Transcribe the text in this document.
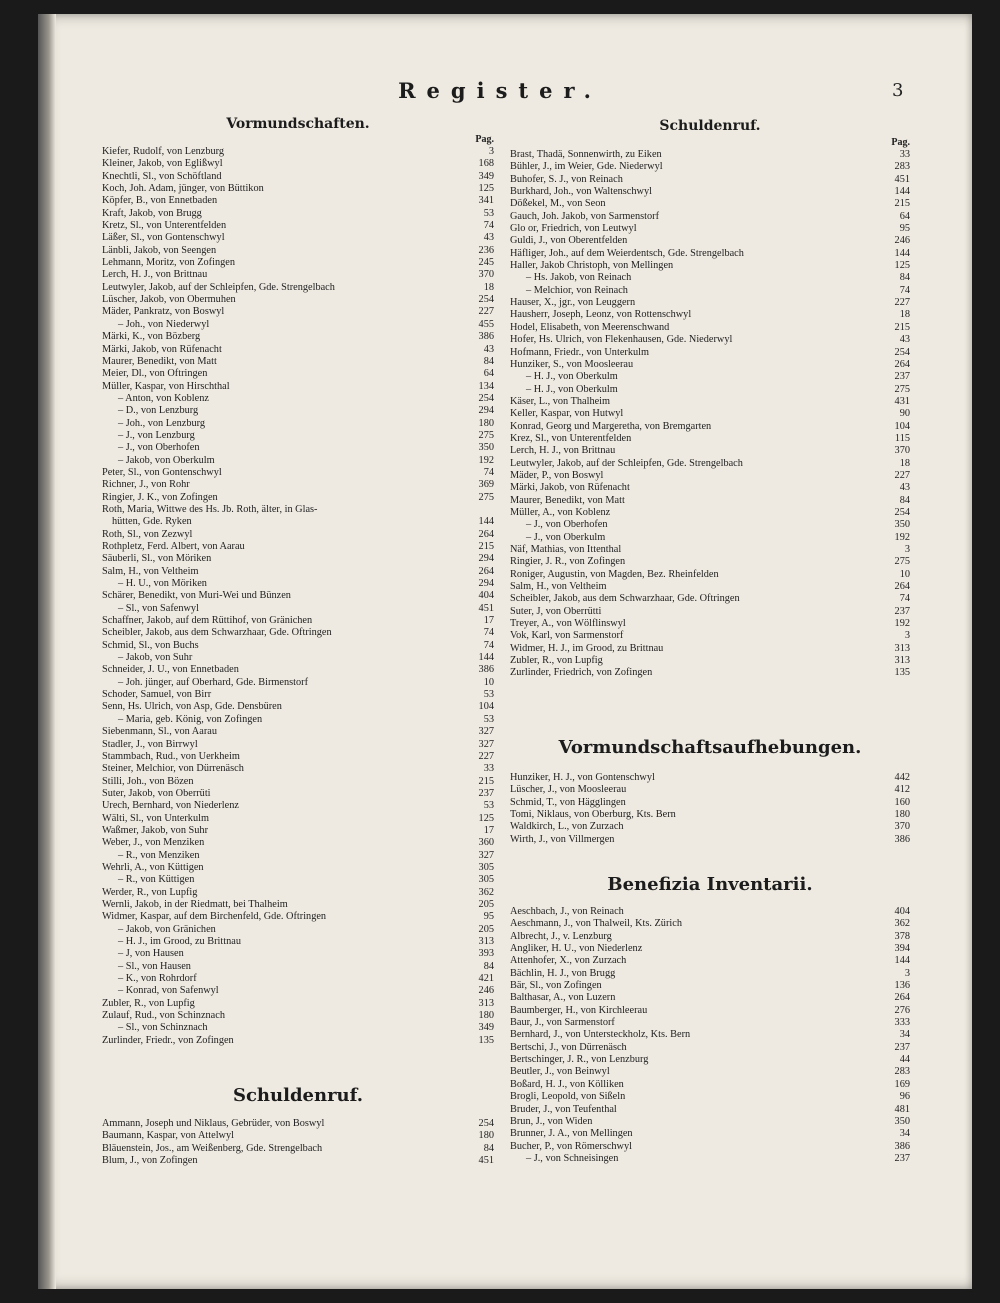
Register.	3
Vormundschaften.
Pag.
Kiefer, Rudolf, von Lenzburg	3
Kleiner, Jakob, von Eglißwyl	168
Knechtli, Sl., von Schöftland	349
Koch, Joh. Adam, jünger, von Büttikon	125
Köpfer, B., von Ennetbaden	341
Kraft, Jakob, von Brugg	53
Kretz, Sl., von Unterentfelden	74
Läßer, Sl., von Gontenschwyl	43
Länbli, Jakob, von Seengen	236
Lehmann, Moritz, von Zofingen	245
Lerch, H. J., von Brittnau	370
Leutwyler, Jakob, auf der Schleipfen, Gde. Strengelbach	18
Lüscher, Jakob, von Obermuhen	254
Mäder, Pankratz, von Boswyl	227
– Joh., von Niederwyl	455
Märki, K., von Bözberg	386
Märki, Jakob, von Rüfenacht	43
Maurer, Benedikt, von Matt	84
Meier, Dl., von Oftringen	64
Müller, Kaspar, von Hirschthal	134
– Anton, von Koblenz	254
– D., von Lenzburg	294
– Joh., von Lenzburg	180
– J., von Lenzburg	275
– J., von Oberhofen	350
– Jakob, von Oberkulm	192
Peter, Sl., von Gontenschwyl	74
Richner, J., von Rohr	369
Ringier, J. K., von Zofingen	275
Roth, Maria, Wittwe des Hs. Jb. Roth, älter, in Glas-
hütten, Gde. Ryken	144
Roth, Sl., von Zezwyl	264
Rothpletz, Ferd. Albert, von Aarau	215
Säuberli, Sl., von Möriken	294
Salm, H., von Veltheim	264
– H. U., von Möriken	294
Schärer, Benedikt, von Muri-Wei und Bünzen	404
– Sl., von Safenwyl	451
Schaffner, Jakob, auf dem Rüttihof, von Gränichen	17
Scheibler, Jakob, aus dem Schwarzhaar, Gde. Oftringen	74
Schmid, Sl., von Buchs	74
– Jakob, von Suhr	144
Schneider, J. U., von Ennetbaden	386
– Joh. jünger, auf Oberhard, Gde. Birmenstorf	10
Schoder, Samuel, von Birr	53
Senn, Hs. Ulrich, von Asp, Gde. Densbüren	104
– Maria, geb. König, von Zofingen	53
Siebenmann, Sl., von Aarau	327
Stadler, J., von Birrwyl	327
Stammbach, Rud., von Uerkheim	227
Steiner, Melchior, von Dürrenäsch	33
Stilli, Joh., von Bözen	215
Suter, Jakob, von Oberrüti	237
Urech, Bernhard, von Niederlenz	53
Wälti, Sl., von Unterkulm	125
Waßmer, Jakob, von Suhr	17
Weber, J., von Menziken	360
– R., von Menziken	327
Wehrli, A., von Küttigen	305
– R., von Küttigen	305
Werder, R., von Lupfig	362
Wernli, Jakob, in der Riedmatt, bei Thalheim	205
Widmer, Kaspar, auf dem Birchenfeld, Gde. Oftringen	95
– Jakob, von Gränichen	205
– H. J., im Grood, zu Brittnau	313
– J, von Hausen	393
– Sl., von Hausen	84
– K., von Rohrdorf	421
– Konrad, von Safenwyl	246
Zubler, R., von Lupfig	313
Zulauf, Rud., von Schinznach	180
– Sl., von Schinznach	349
Zurlinder, Friedr., von Zofingen	135
Schuldenruf.
Ammann, Joseph und Niklaus, Gebrüder, von Boswyl	254
Baumann, Kaspar, von Attelwyl	180
Bläuenstein, Jos., am Weißenberg, Gde. Strengelbach	84
Blum, J., von Zofingen	451
Schuldenruf.
Pag.
Brast, Thadä, Sonnenwirth, zu Eiken	33
Bühler, J., im Weier, Gde. Niederwyl	283
Buhofer, S. J., von Reinach	451
Burkhard, Joh., von Waltenschwyl	144
Dößekel, M., von Seon	215
Gauch, Joh. Jakob, von Sarmenstorf	64
Glo or, Friedrich, von Leutwyl	95
Guldi, J., von Oberentfelden	246
Häfliger, Joh., auf dem Weierdentsch, Gde. Strengelbach	144
Haller, Jakob Christoph, von Mellingen	125
– Hs. Jakob, von Reinach	84
– Melchior, von Reinach	74
Hauser, X., jgr., von Leuggern	227
Hausherr, Joseph, Leonz, von Rottenschwyl	18
Hodel, Elisabeth, von Meerenschwand	215
Hofer, Hs. Ulrich, von Flekenhausen, Gde. Niederwyl	43
Hofmann, Friedr., von Unterkulm	254
Hunziker, S., von Moosleerau	264
– H. J., von Oberkulm	237
– H. J., von Oberkulm	275
Käser, L., von Thalheim	431
Keller, Kaspar, von Hutwyl	90
Konrad, Georg und Margeretha, von Bremgarten	104
Krez, Sl., von Unterentfelden	115
Lerch, H. J., von Brittnau	370
Leutwyler, Jakob, auf der Schleipfen, Gde. Strengelbach	18
Mäder, P., von Boswyl	227
Märki, Jakob, von Rüfenacht	43
Maurer, Benedikt, von Matt	84
Müller, A., von Koblenz	254
– J., von Oberhofen	350
– J., von Oberkulm	192
Näf, Mathias, von Ittenthal	3
Ringier, J. R., von Zofingen	275
Roniger, Augustin, von Magden, Bez. Rheinfelden	10
Salm, H., von Veltheim	264
Scheibler, Jakob, aus dem Schwarzhaar, Gde. Oftringen	74
Suter, J, von Oberrütti	237
Treyer, A., von Wölflinswyl	192
Vok, Karl, von Sarmenstorf	3
Widmer, H. J., im Grood, zu Brittnau	313
Zubler, R., von Lupfig	313
Zurlinder, Friedrich, von Zofingen	135
Vormundschaftsaufhebungen.
Hunziker, H. J., von Gontenschwyl	442
Lüscher, J., von Moosleerau	412
Schmid, T., von Hägglingen	160
Tomi, Niklaus, von Oberburg, Kts. Bern	180
Waldkirch, L., von Zurzach	370
Wirth, J., von Villmergen	386
Benefizia Inventarii.
Aeschbach, J., von Reinach	404
Aeschmann, J., von Thalweil, Kts. Zürich	362
Albrecht, J., v. Lenzburg	378
Angliker, H. U., von Niederlenz	394
Attenhofer, X., von Zurzach	144
Bächlin, H. J., von Brugg	3
Bär, Sl., von Zofingen	136
Balthasar, A., von Luzern	264
Baumberger, H., von Kirchleerau	276
Baur, J., von Sarmenstorf	333
Bernhard, J., von Untersteckholz, Kts. Bern	34
Bertschi, J., von Dürrenäsch	237
Bertschinger, J. R., von Lenzburg	44
Beutler, J., von Beinwyl	283
Boßard, H. J., von Kölliken	169
Brogli, Leopold, von Sißeln	96
Bruder, J., von Teufenthal	481
Brun, J., von Widen	350
Brunner, J. A., von Mellingen	34
Bucher, P., von Römerschwyl	386
– J., von Schneisingen	237
